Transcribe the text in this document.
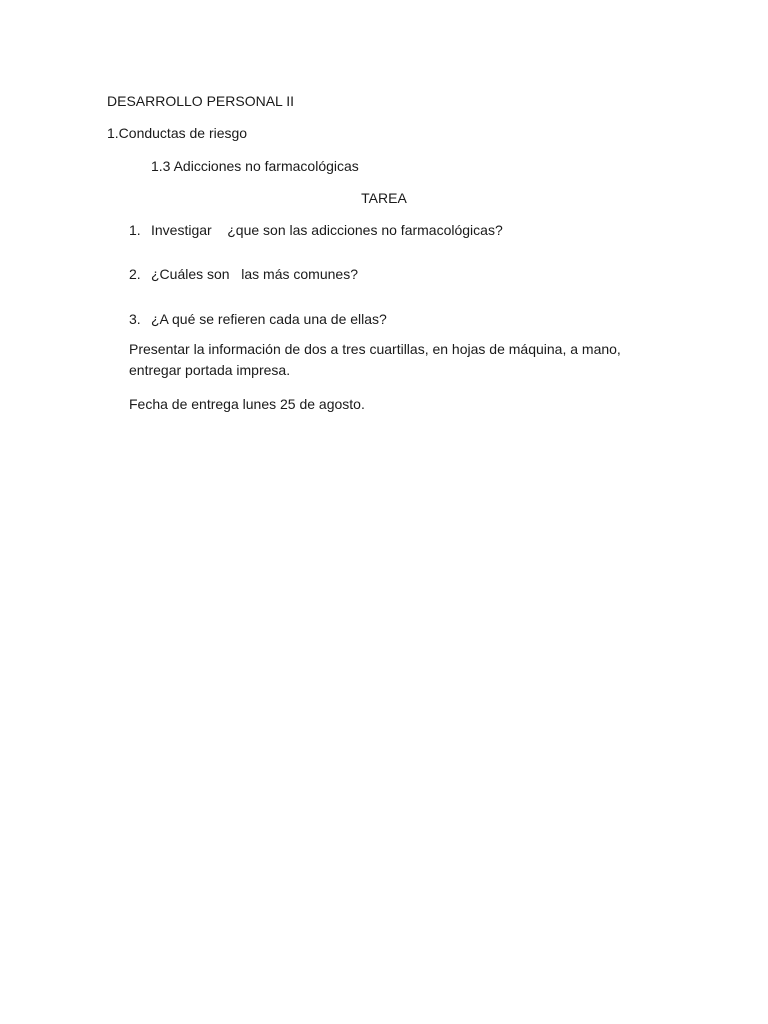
DESARROLLO PERSONAL II
1.Conductas de riesgo
1.3 Adicciones no farmacológicas
TAREA
1. Investigar    ¿que son las adicciones no farmacológicas?
2. ¿Cuáles son   las más comunes?
3. ¿A qué se refieren cada una de ellas?
Presentar la información de dos a tres cuartillas, en hojas de máquina, a mano, entregar portada impresa.
Fecha de entrega lunes 25 de agosto.
